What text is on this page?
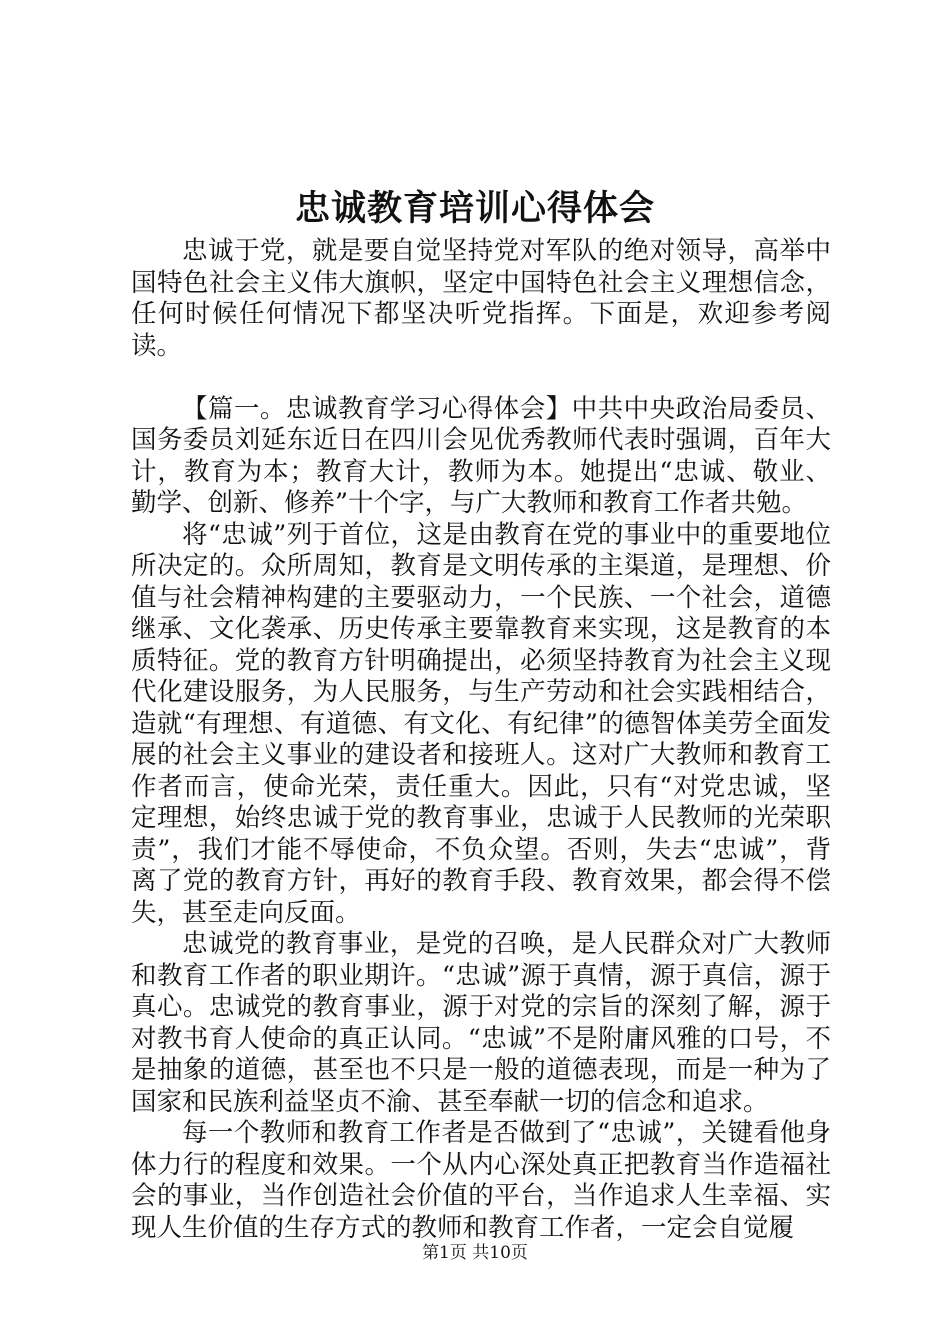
忠诚教育培训心得体会

忠诚于党，就是要自觉坚持党对军队的绝对领导，高举中国特色社会主义伟大旗帜，坚定中国特色社会主义理想信念，任何时候任何情况下都坚决听党指挥。下面是，欢迎参考阅读。

【篇一。忠诚教育学习心得体会】中共中央政治局委员、国务委员刘延东近日在四川会见优秀教师代表时强调，百年大计，教育为本；教育大计，教师为本。她提出“忠诚、敬业、勤学、创新、修养”十个字，与广大教师和教育工作者共勉。

将“忠诚”列于首位，这是由教育在党的事业中的重要地位所决定的。众所周知，教育是文明传承的主渠道，是理想、价值与社会精神构建的主要驱动力，一个民族、一个社会，道德继承、文化袭承、历史传承主要靠教育来实现，这是教育的本质特征。党的教育方针明确提出，必须坚持教育为社会主义现代化建设服务，为人民服务，与生产劳动和社会实践相结合，造就“有理想、有道德、有文化、有纪律”的德智体美劳全面发展的社会主义事业的建设者和接班人。这对广大教师和教育工作者而言，使命光荣，责任重大。因此，只有“对党忠诚，坚定理想，始终忠诚于党的教育事业，忠诚于人民教师的光荣职责”，我们才能不辱使命，不负众望。否则，失去“忠诚”，背离了党的教育方针，再好的教育手段、教育效果，都会得不偿失，甚至走向反面。

忠诚党的教育事业，是党的召唤，是人民群众对广大教师和教育工作者的职业期许。“忠诚”源于真情，源于真信，源于真心。忠诚党的教育事业，源于对党的宗旨的深刻了解，源于对教书育人使命的真正认同。“忠诚”不是附庸风雅的口号，不是抽象的道德，甚至也不只是一般的道德表现，而是一种为了国家和民族利益坚贞不渝、甚至奉献一切的信念和追求。

每一个教师和教育工作者是否做到了“忠诚”，关键看他身体力行的程度和效果。一个从内心深处真正把教育当作造福社会的事业，当作创造社会价值的平台，当作追求人生幸福、实现人生价值的生存方式的教师和教育工作者，一定会自觉履

第1页 共10页
